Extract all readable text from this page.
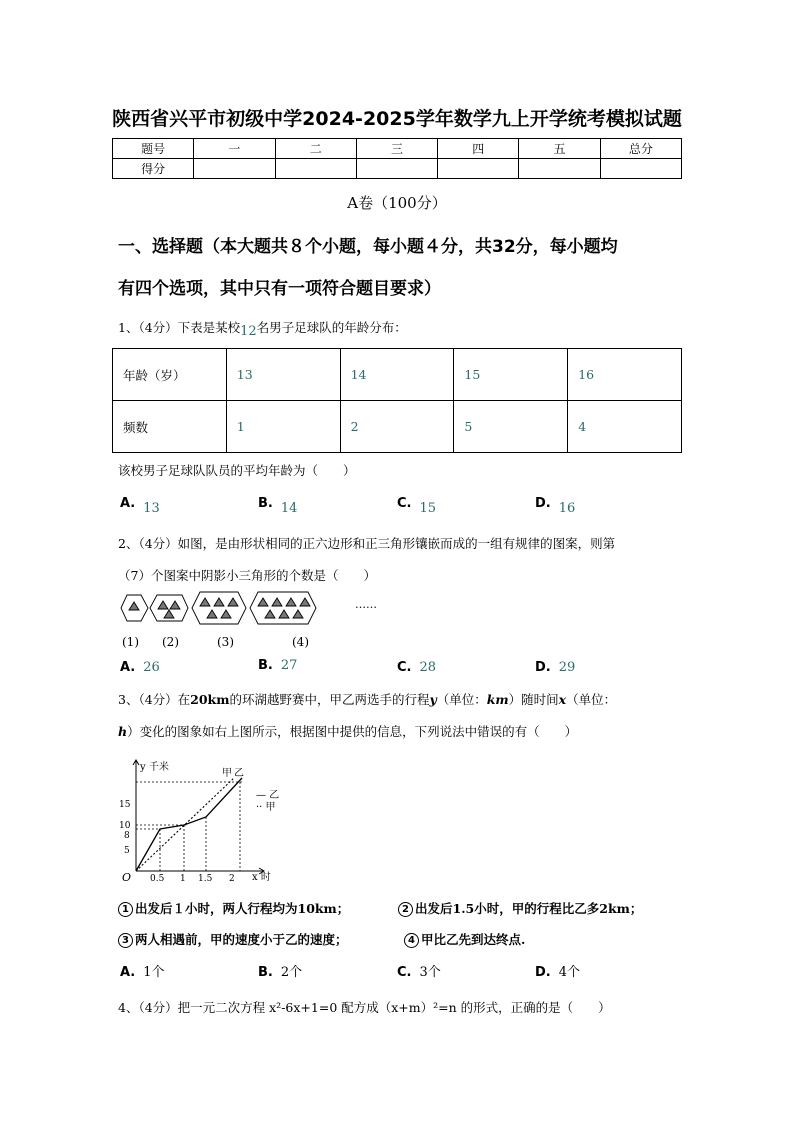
陕西省兴平市初级中学2024-2025学年数学九上开学统考模拟试题
题号	一	二	三	四	五	总分
得分						
A卷（100分）
一、选择题（本大题共８个小题，每小题４分，共32分，每小题均
有四个选项，其中只有一项符合题目要求）
1、（4分）下表是某校12名男子足球队的年龄分布：
年龄（岁）	13	14	15	16
频数	1	2	5	4
该校男子足球队队员的平均年龄为（　　）
A. 13	B. 14	C. 15	D. 16
2、（4分）如图，是由形状相同的正六边形和正三角形镶嵌而成的一组有规律的图案，则第
（7）个图案中阴影小三角形的个数是（　　）
……
(1) (2)	(3)	(4)
A. 26	B. 27	C. 28	D. 29
3、（4分）在20km的环湖越野赛中，甲乙两选手的行程y（单位：km）随时间x（单位：
h）变化的图象如右上图所示，根据图中提供的信息，下列说法中错误的有（　　）
y 千米
x 时
O
5
10
15
8
0.5 1 1.5 2
甲 乙
— 乙
·· 甲
1 出发后１小时，两人行程均为10km；	2 出发后1.5小时，甲的行程比乙多2km；
3 两人相遇前，甲的速度小于乙的速度；	4 甲比乙先到达终点.
A. 1个	B. 2个	C. 3个	D. 4个
4、（4分）把一元二次方程 x²-6x+1=0 配方成（x+m）²=n 的形式，正确的是（　　）
